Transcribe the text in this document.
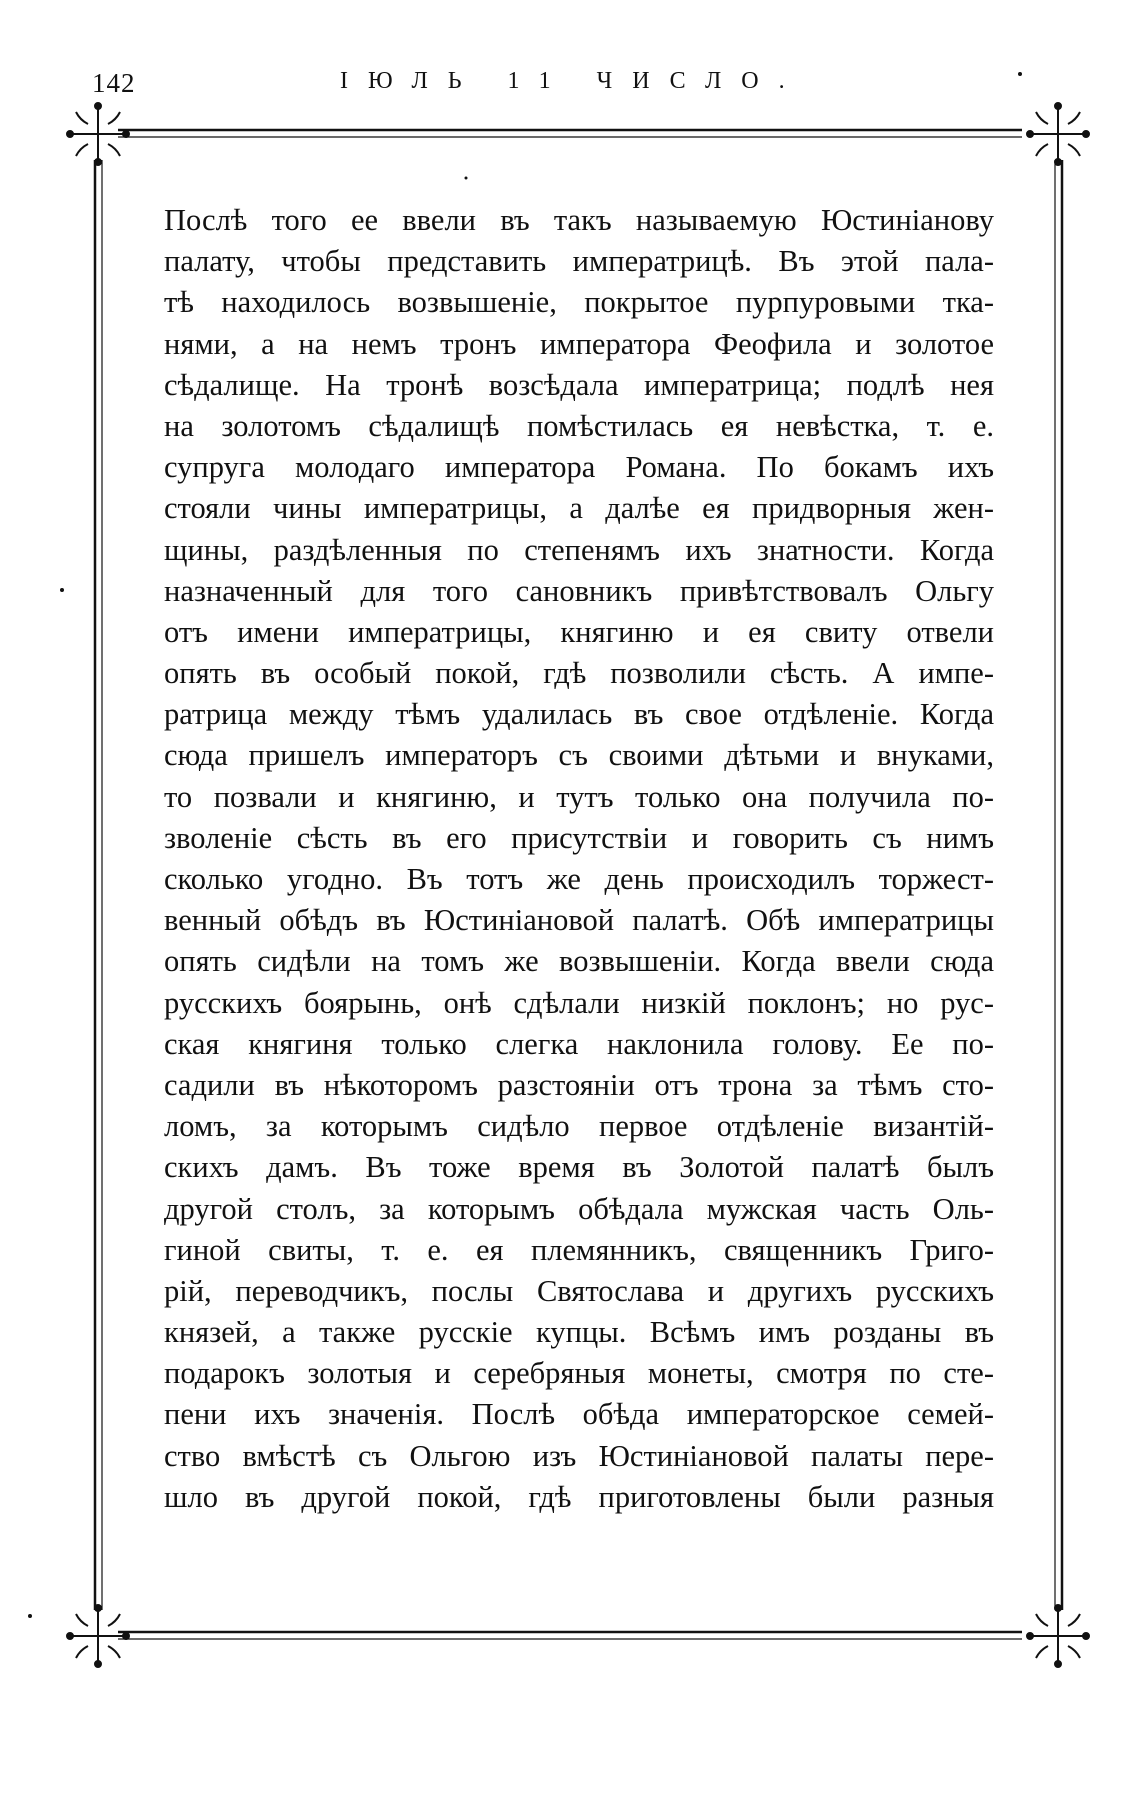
142	ІЮЛЬ 11 ЧИСЛО.
Послѣ того ее ввели въ такъ называемую Юстиніанову
палату, чтобы представить императрицѣ. Въ этой пала-
тѣ находилось возвышеніе, покрытое пурпуровыми тка-
нями, а на немъ тронъ императора Феофила и золотое
сѣдалище. На тронѣ возсѣдала императрица; подлѣ нея
на золотомъ сѣдалищѣ помѣстилась ея невѣстка, т. е.
супруга молодаго императора Романа. По бокамъ ихъ
стояли чины императрицы, а далѣе ея придворныя жен-
щины, раздѣленныя по степенямъ ихъ знатности. Когда
назначенный для того сановникъ привѣтствовалъ Ольгу
отъ имени императрицы, княгиню и ея свиту отвели
опять въ особый покой, гдѣ позволили сѣсть. А импе-
ратрица между тѣмъ удалилась въ свое отдѣленіе. Когда
сюда пришелъ императоръ съ своими дѣтьми и внуками,
то позвали и княгиню, и тутъ только она получила по-
зволеніе сѣсть въ его присутствіи и говорить съ нимъ
сколько угодно. Въ тотъ же день происходилъ торжест-
венный обѣдъ въ Юстиніановой палатѣ. Обѣ императрицы
опять сидѣли на томъ же возвышеніи. Когда ввели сюда
русскихъ боярынь, онѣ сдѣлали низкій поклонъ; но рус-
ская княгиня только слегка наклонила голову. Ее по-
садили въ нѣкоторомъ разстояніи отъ трона за тѣмъ сто-
ломъ, за которымъ сидѣло первое отдѣленіе византій-
скихъ дамъ. Въ тоже время въ Золотой палатѣ былъ
другой столъ, за которымъ обѣдала мужская часть Оль-
гиной свиты, т. е. ея племянникъ, священникъ Григо-
рій, переводчикъ, послы Святослава и другихъ русскихъ
князей, а также русскіе купцы. Всѣмъ имъ розданы въ
подарокъ золотыя и серебряныя монеты, смотря по сте-
пени ихъ значенія. Послѣ обѣда императорское семей-
ство вмѣстѣ съ Ольгою изъ Юстиніановой палаты пере-
шло въ другой покой, гдѣ приготовлены были разныя
